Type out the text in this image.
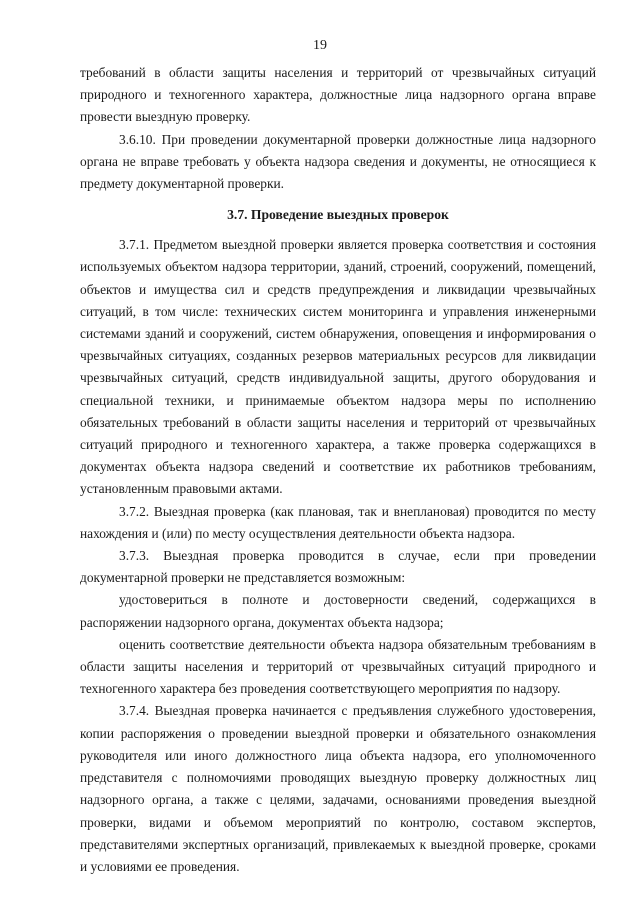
19

требований в области защиты населения и территорий от чрезвычайных ситуаций природного и техногенного характера, должностные лица надзорного органа вправе провести выездную проверку.

3.6.10. При проведении документарной проверки должностные лица надзорного органа не вправе требовать у объекта надзора сведения и документы, не относящиеся к предмету документарной проверки.

3.7. Проведение выездных проверок

3.7.1. Предметом выездной проверки является проверка соответствия и состояния используемых объектом надзора территории, зданий, строений, сооружений, помещений, объектов и имущества сил и средств предупреждения и ликвидации чрезвычайных ситуаций, в том числе: технических систем мониторинга и управления инженерными системами зданий и сооружений, систем обнаружения, оповещения и информирования о чрезвычайных ситуациях, созданных резервов материальных ресурсов для ликвидации чрезвычайных ситуаций, средств индивидуальной защиты, другого оборудования и специальной техники, и принимаемые объектом надзора меры по исполнению обязательных требований в области защиты населения и территорий от чрезвычайных ситуаций природного и техногенного характера, а также проверка содержащихся в документах объекта надзора сведений и соответствие их работников требованиям, установленным правовыми актами.

3.7.2. Выездная проверка (как плановая, так и внеплановая) проводится по месту нахождения и (или) по месту осуществления деятельности объекта надзора.

3.7.3. Выездная проверка проводится в случае, если при проведении документарной проверки не представляется возможным:

удостовериться в полноте и достоверности сведений, содержащихся в распоряжении надзорного органа, документах объекта надзора;

оценить соответствие деятельности объекта надзора обязательным требованиям в области защиты населения и территорий от чрезвычайных ситуаций природного и техногенного характера без проведения соответствующего мероприятия по надзору.

3.7.4. Выездная проверка начинается с предъявления служебного удостоверения, копии распоряжения о проведении выездной проверки и обязательного ознакомления руководителя или иного должностного лица объекта надзора, его уполномоченного представителя с полномочиями проводящих выездную проверку должностных лиц надзорного органа, а также с целями, задачами, основаниями проведения выездной проверки, видами и объемом мероприятий по контролю, составом экспертов, представителями экспертных организаций, привлекаемых к выездной проверке, сроками и условиями ее проведения.
